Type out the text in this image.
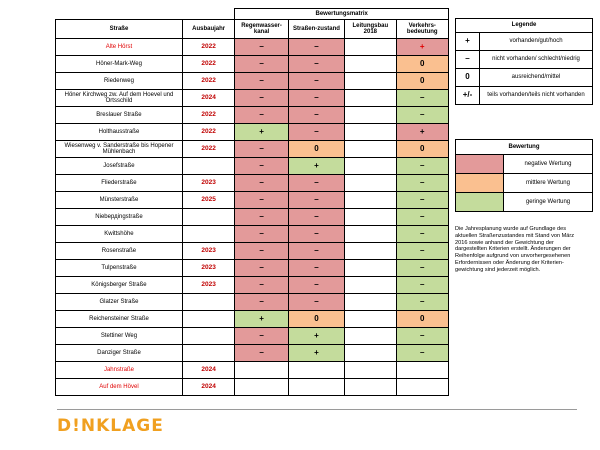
		Bewertungsmatrix			
Straße	Ausbaujahr	Regenwasser-kanal	Straßen-zustand	Leitungsbau 2018	Verkehrs-bedeutung
Alte Hörst	2022	–	–		+
Höner-Mark-Weg	2022	–	–		0
Riedenweg	2022	–	–		0
Höner Kirchweg zw. Auf dem Hoevel und Ortsschild	2024	–	–		–
Breslauer Straße	2022	–	–		–
Holthausstraße	2022	+	–		+
Wiesenweg v. Sanderstraße bis Hopener Mühlenbach	2022	–	0		0
Josefstraße		–	+		–
Fliederstraße	2023	–	–		–
Münsterstraße	2025	–	–		–
Niebердingstraße		–	–		–
Kwittshöhe		–	–		–
Rosenstraße	2023	–	–		–
Tulpenstraße	2023	–	–		–
Königsberger Straße	2023	–	–		–
Glatzer Straße		–	–		–
Reichensteiner Straße		+	0		0
Stettiner Weg		–	+		–
Danziger Straße		–	+		–
Jahnstraße	2024				
Auf dem Hövel	2024				
Legende	
+	vorhanden/gut/hoch
–	nicht vorhanden/ schlecht/niedrig
0	ausreichend/mittel
+/-	teils vorhanden/teils nicht vorhanden
Bewertung	
	negative Wertung
	mittlere Wertung
	geringe Wertung
Die Jahresplanung wurde auf Grundlage des aktuellen Straßenzustandes mit Stand von März 2016 sowie anhand der Gewichtung der dargestellten Kriterien erstellt. Änderungen der Reihenfolge aufgrund von unvorhergesehenen Erfordernissen oder Änderung der Kriteriengewichtung sind jederzeit möglich.
D!NKLAGE
